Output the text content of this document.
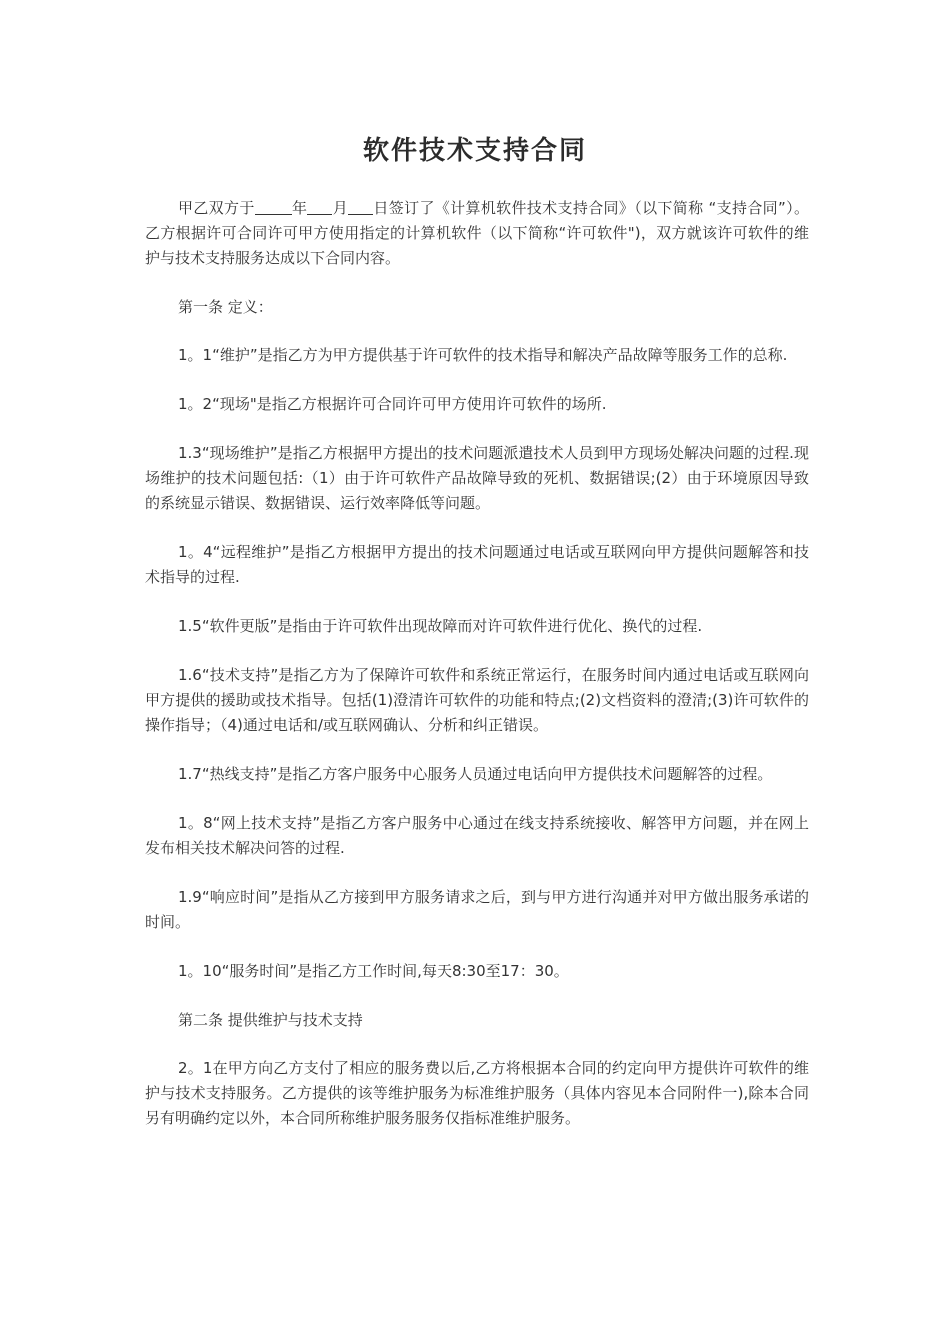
软件技术支持合同

甲乙双方于 年 月 日签订了《计算机软件技术支持合同》（以下简称 “支持合同”）。乙方根据许可合同许可甲方使用指定的计算机软件（以下简称“许可软件")，双方就该许可软件的维护与技术支持服务达成以下合同内容。

第一条 定义：

1。1“维护”是指乙方为甲方提供基于许可软件的技术指导和解决产品故障等服务工作的总称.

1。2“现场"是指乙方根据许可合同许可甲方使用许可软件的场所.

1.3“现场维护”是指乙方根据甲方提出的技术问题派遣技术人员到甲方现场处解决问题的过程.现场维护的技术问题包括:（1）由于许可软件产品故障导致的死机、数据错误;(2）由于环境原因导致的系统显示错误、数据错误、运行效率降低等问题。

1。4“远程维护”是指乙方根据甲方提出的技术问题通过电话或互联网向甲方提供问题解答和技术指导的过程.

1.5“软件更版”是指由于许可软件出现故障而对许可软件进行优化、换代的过程.

1.6“技术支持”是指乙方为了保障许可软件和系统正常运行，在服务时间内通过电话或互联网向甲方提供的援助或技术指导。包括(1)澄清许可软件的功能和特点;(2)文档资料的澄清;(3)许可软件的操作指导；（4)通过电话和/或互联网确认、分析和纠正错误。

1.7“热线支持”是指乙方客户服务中心服务人员通过电话向甲方提供技术问题解答的过程。

1。8“网上技术支持”是指乙方客户服务中心通过在线支持系统接收、解答甲方问题，并在网上发布相关技术解决问答的过程.

1.9“响应时间”是指从乙方接到甲方服务请求之后，到与甲方进行沟通并对甲方做出服务承诺的时间。

1。10“服务时间”是指乙方工作时间,每天8:30至17：30。

第二条 提供维护与技术支持

2。1在甲方向乙方支付了相应的服务费以后,乙方将根据本合同的约定向甲方提供许可软件的维护与技术支持服务。乙方提供的该等维护服务为标准维护服务（具体内容见本合同附件一),除本合同另有明确约定以外，本合同所称维护服务服务仅指标准维护服务。
